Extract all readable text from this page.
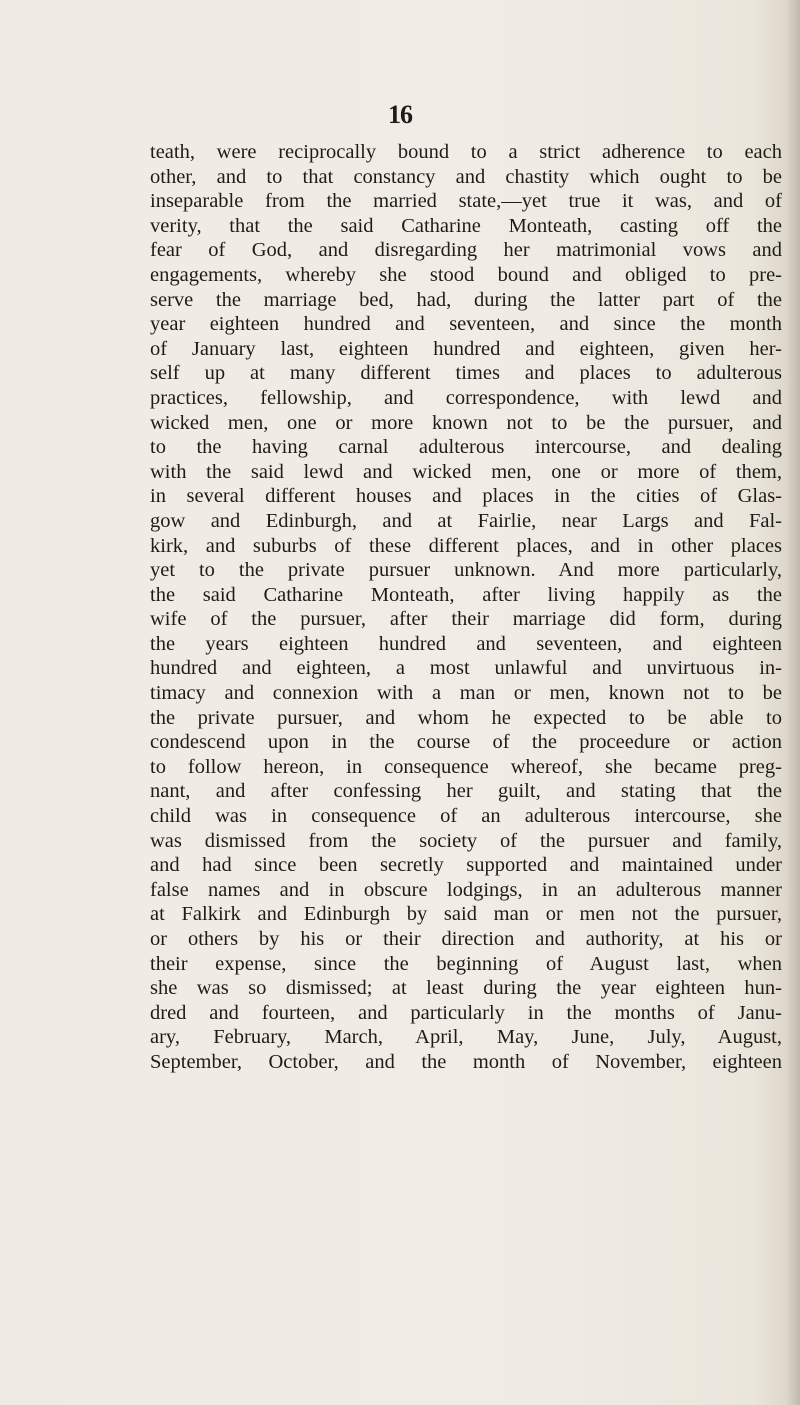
16
teath, were reciprocally bound to a strict adherence to each
other, and to that constancy and chastity which ought to be
inseparable from the married state,—yet true it was, and of
verity, that the said Catharine Monteath, casting off the
fear of God, and disregarding her matrimonial vows and
engagements, whereby she stood bound and obliged to pre-
serve the marriage bed, had, during the latter part of the
year eighteen hundred and seventeen, and since the month
of January last, eighteen hundred and eighteen, given her-
self up at many different times and places to adulterous
practices, fellowship, and correspondence, with lewd and
wicked men, one or more known not to be the pursuer, and
to the having carnal adulterous intercourse, and dealing
with the said lewd and wicked men, one or more of them,
in several different houses and places in the cities of Glas-
gow and Edinburgh, and at Fairlie, near Largs and Fal-
kirk, and suburbs of these different places, and in other places
yet to the private pursuer unknown. And more particularly,
the said Catharine Monteath, after living happily as the
wife of the pursuer, after their marriage did form, during
the years eighteen hundred and seventeen, and eighteen
hundred and eighteen, a most unlawful and unvirtuous in-
timacy and connexion with a man or men, known not to be
the private pursuer, and whom he expected to be able to
condescend upon in the course of the proceedure or action
to follow hereon, in consequence whereof, she became preg-
nant, and after confessing her guilt, and stating that the
child was in consequence of an adulterous intercourse, she
was dismissed from the society of the pursuer and family,
and had since been secretly supported and maintained under
false names and in obscure lodgings, in an adulterous manner
at Falkirk and Edinburgh by said man or men not the pursuer,
or others by his or their direction and authority, at his or
their expense, since the beginning of August last, when
she was so dismissed; at least during the year eighteen hun-
dred and fourteen, and particularly in the months of Janu-
ary, February, March, April, May, June, July, August,
September, October, and the month of November, eighteen
